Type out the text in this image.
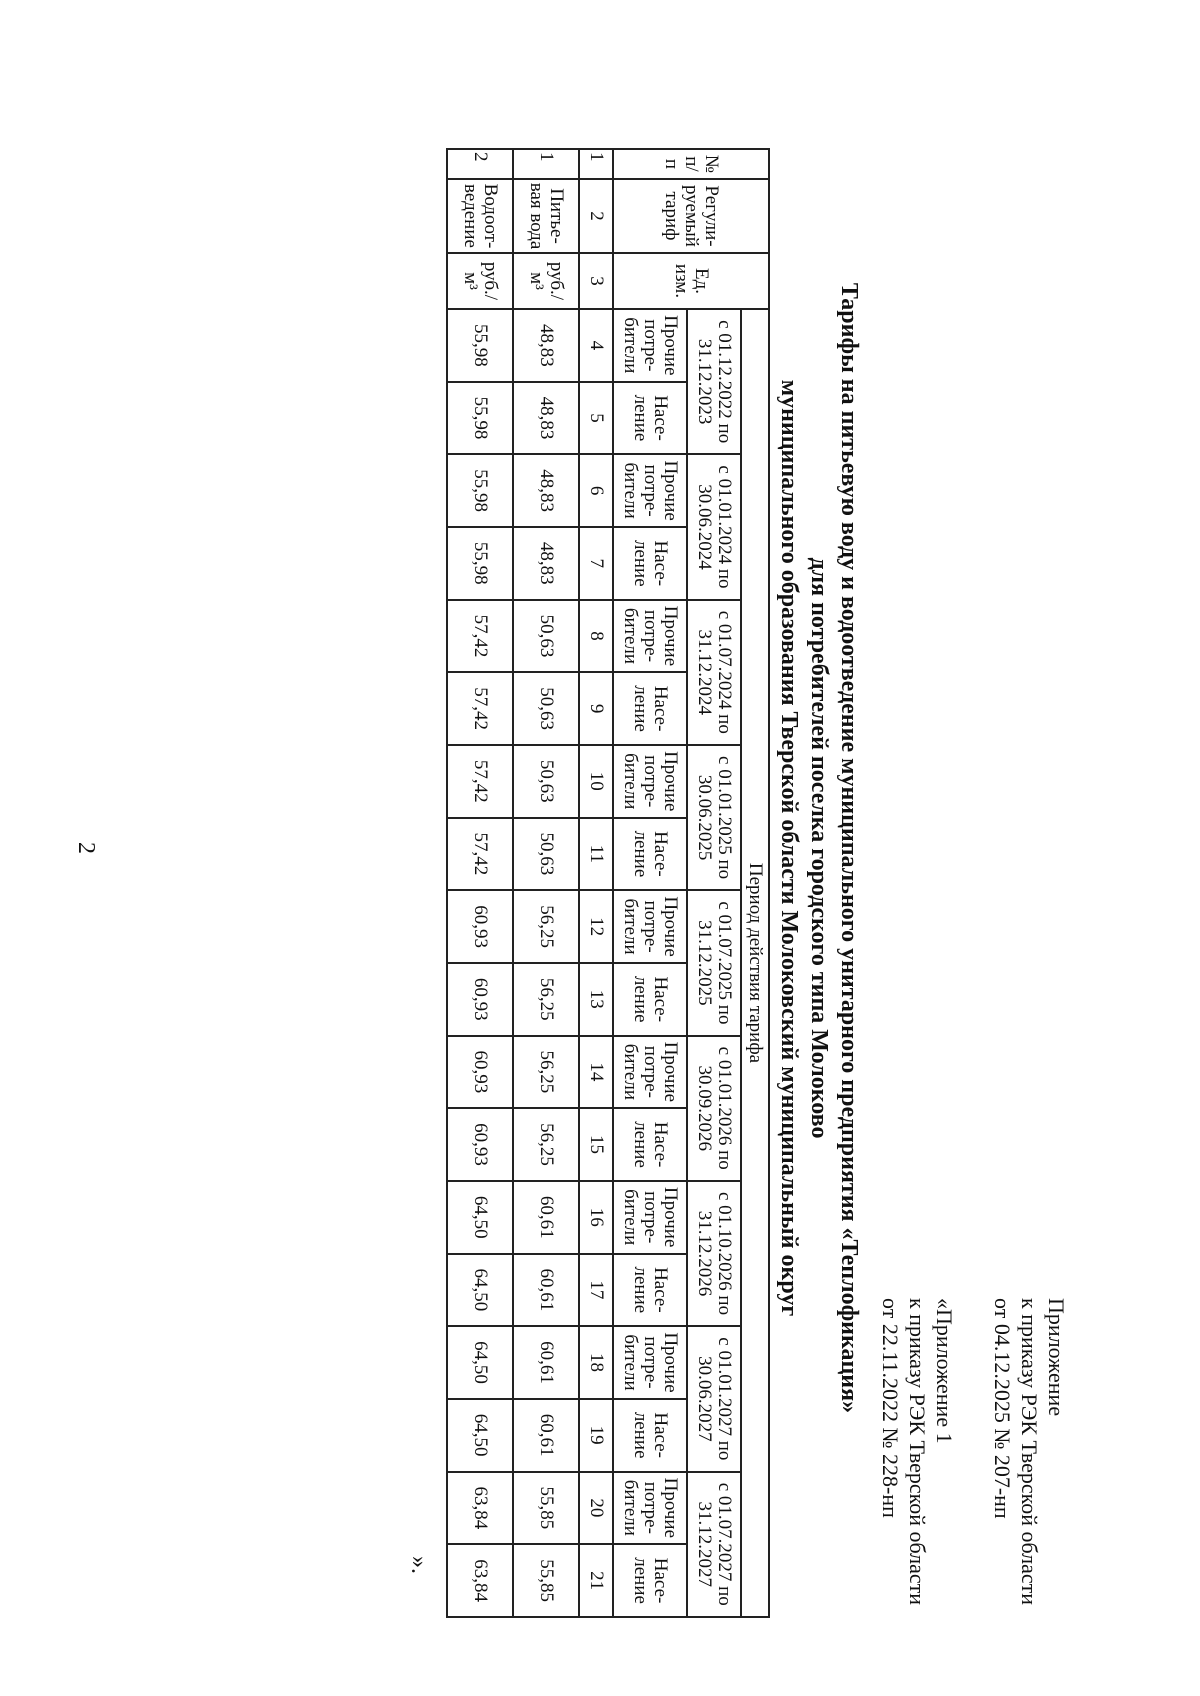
2
Приложение
к приказу РЭК Тверской области
от 04.12.2025 № 207-нп
«Приложение 1
к приказу РЭК Тверской области
от 22.11.2022 № 228-нп
Тарифы на питьевую воду и водоотведение муниципального унитарного предприятия «Теплофикация»
для потребителей поселка городского типа Молоково
муниципального образования Тверской области Молоковский муниципальный округ
№ п/п	Регули-руемый тариф	Ед. изм.	Период действия тарифа																	
			с 01.12.2022 по 31.12.2023		с 01.01.2024 по 30.06.2024		с 01.07.2024 по 31.12.2024		с 01.01.2025 по 30.06.2025		с 01.07.2025 по 31.12.2025		с 01.01.2026 по 30.09.2026		с 01.10.2026 по 31.12.2026		с 01.01.2027 по 30.06.2027		с 01.07.2027 по 31.12.2027	
			Прочие потре-бители	Насе-ление	Прочие потре-бители	Насе-ление	Прочие потре-бители	Насе-ление	Прочие потре-бители	Насе-ление	Прочие потре-бители	Насе-ление	Прочие потре-бители	Насе-ление	Прочие потре-бители	Насе-ление	Прочие потре-бители	Насе-ление	Прочие потре-бители	Насе-ление
1	2	3	4	5	6	7	8	9	10	11	12	13	14	15	16	17	18	19	20	21
1	Питье-вая вода	руб./м³	48,83	48,83	48,83	48,83	50,63	50,63	50,63	50,63	56,25	56,25	56,25	56,25	60,61	60,61	60,61	60,61	55,85	55,85
2	Водоот-ведение	руб./м³	55,98	55,98	55,98	55,98	57,42	57,42	57,42	57,42	60,93	60,93	60,93	60,93	64,50	64,50	64,50	64,50	63,84	63,84
».
